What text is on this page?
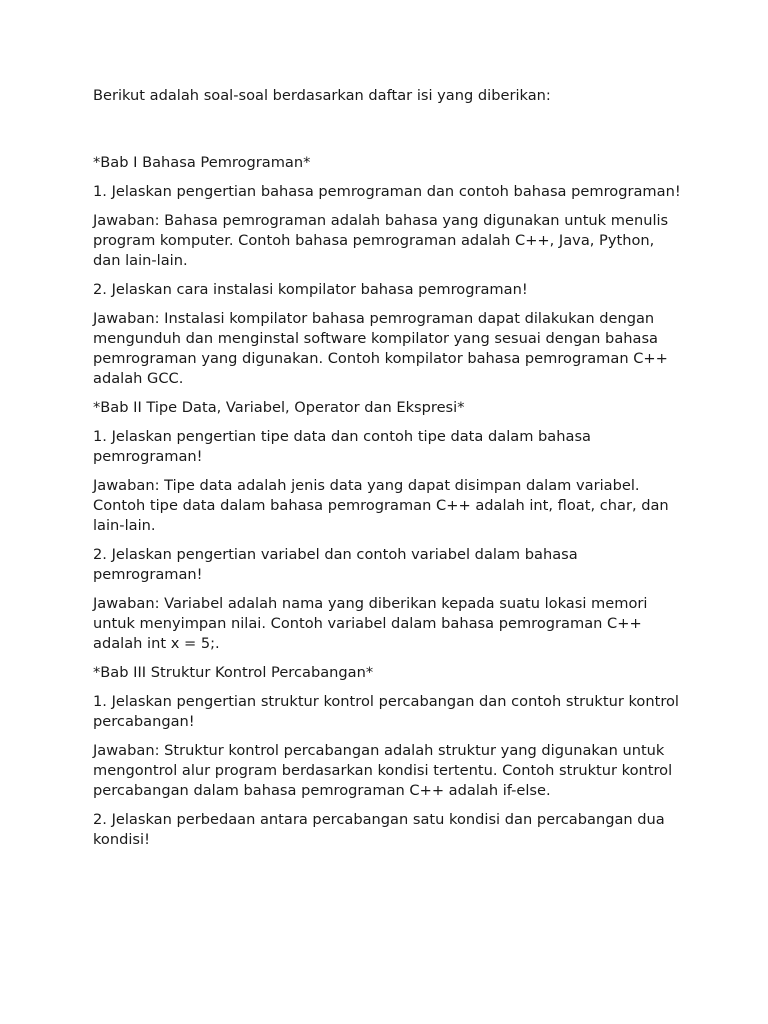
Berikut adalah soal-soal berdasarkan daftar isi yang diberikan:

*Bab I Bahasa Pemrograman*

1. Jelaskan pengertian bahasa pemrograman dan contoh bahasa pemrograman!

Jawaban: Bahasa pemrograman adalah bahasa yang digunakan untuk menulis program komputer. Contoh bahasa pemrograman adalah C++, Java, Python, dan lain-lain.

2. Jelaskan cara instalasi kompilator bahasa pemrograman!

Jawaban: Instalasi kompilator bahasa pemrograman dapat dilakukan dengan mengunduh dan menginstal software kompilator yang sesuai dengan bahasa pemrograman yang digunakan. Contoh kompilator bahasa pemrograman C++ adalah GCC.

*Bab II Tipe Data, Variabel, Operator dan Ekspresi*

1. Jelaskan pengertian tipe data dan contoh tipe data dalam bahasa pemrograman!

Jawaban: Tipe data adalah jenis data yang dapat disimpan dalam variabel. Contoh tipe data dalam bahasa pemrograman C++ adalah int, float, char, dan lain-lain.

2. Jelaskan pengertian variabel dan contoh variabel dalam bahasa pemrograman!

Jawaban: Variabel adalah nama yang diberikan kepada suatu lokasi memori untuk menyimpan nilai. Contoh variabel dalam bahasa pemrograman C++ adalah int x = 5;.

*Bab III Struktur Kontrol Percabangan*

1. Jelaskan pengertian struktur kontrol percabangan dan contoh struktur kontrol percabangan!

Jawaban: Struktur kontrol percabangan adalah struktur yang digunakan untuk mengontrol alur program berdasarkan kondisi tertentu. Contoh struktur kontrol percabangan dalam bahasa pemrograman C++ adalah if-else.

2. Jelaskan perbedaan antara percabangan satu kondisi dan percabangan dua kondisi!
